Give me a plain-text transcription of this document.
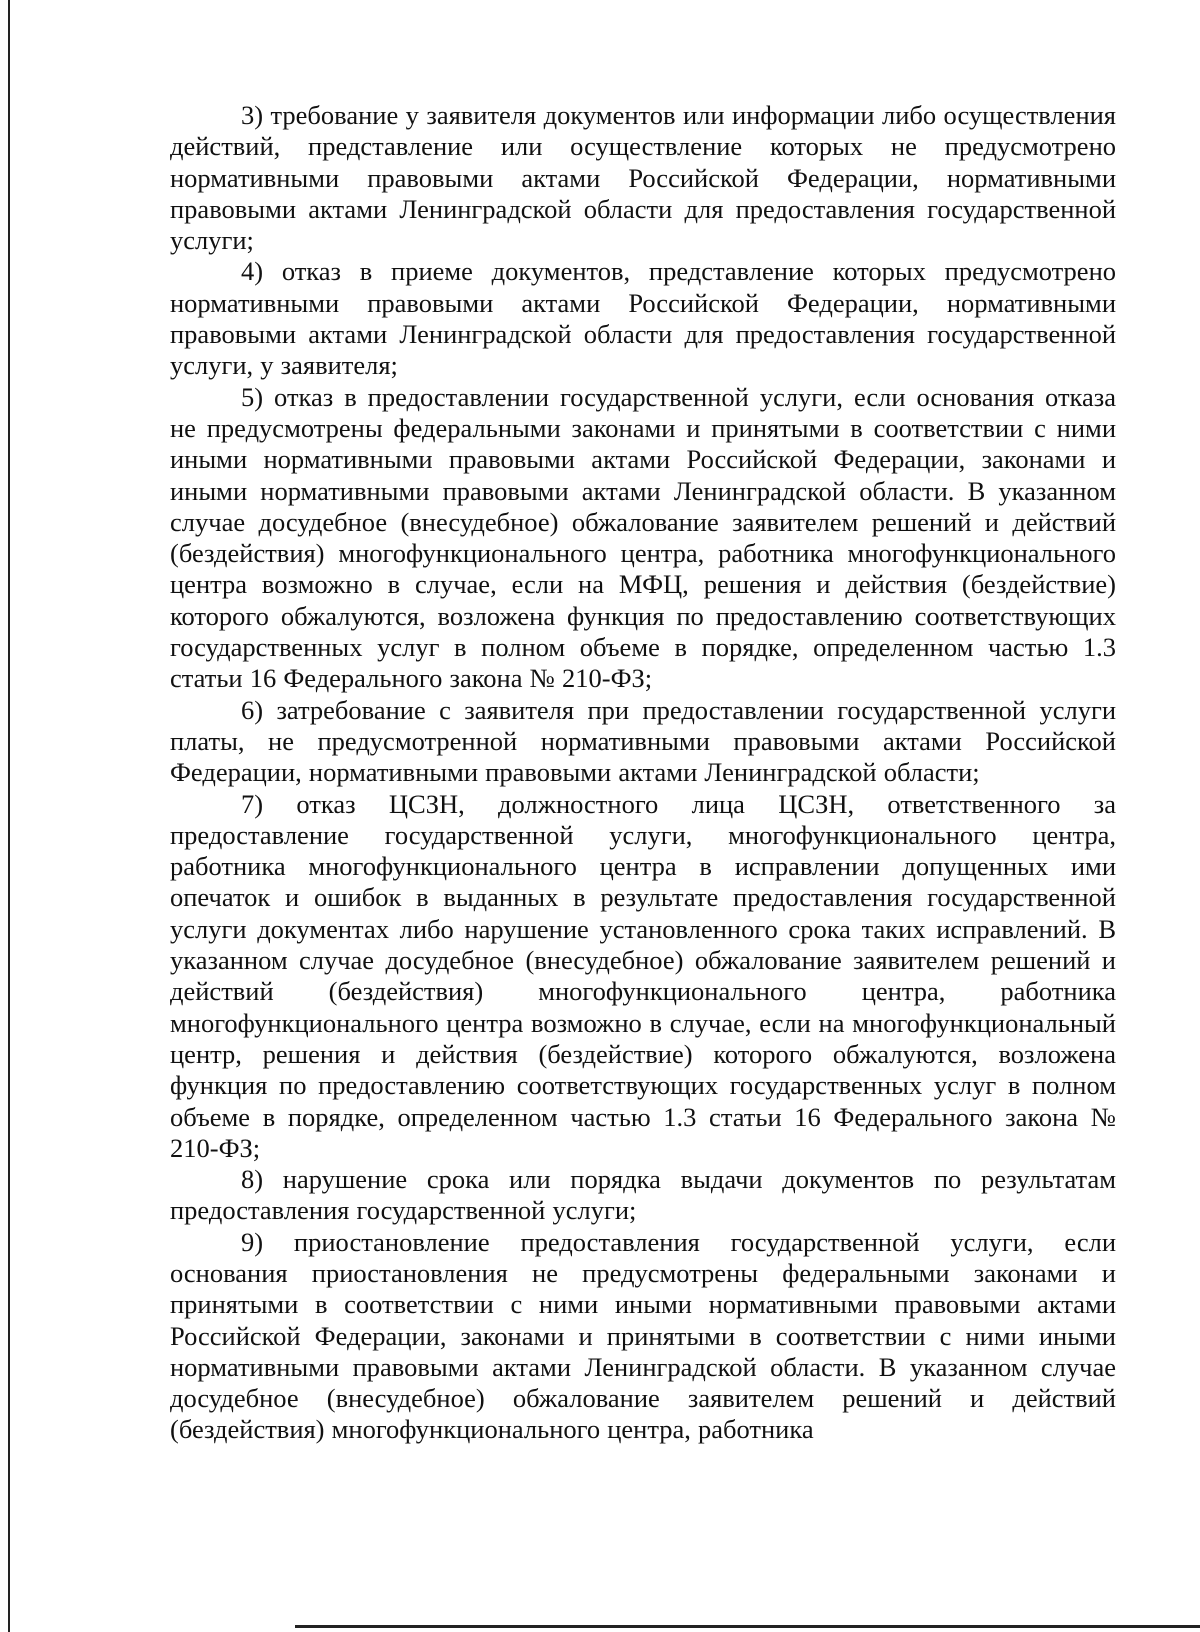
3) требование у заявителя документов или информации либо осуществления действий, представление или осуществление которых не предусмотрено нормативными правовыми актами Российской Федерации, нормативными правовыми актами Ленинградской области для предоставления государственной услуги;

4) отказ в приеме документов, представление которых предусмотрено нормативными правовыми актами Российской Федерации, нормативными правовыми актами Ленинградской области для предоставления государственной услуги, у заявителя;

5) отказ в предоставлении государственной услуги, если основания отказа не предусмотрены федеральными законами и принятыми в соответствии с ними иными нормативными правовыми актами Российской Федерации, законами и иными нормативными правовыми актами Ленинградской области. В указанном случае досудебное (внесудебное) обжалование заявителем решений и действий (бездействия) многофункционального центра, работника многофункционального центра возможно в случае, если на МФЦ, решения и действия (бездействие) которого обжалуются, возложена функция по предоставлению соответствующих государственных услуг в полном объеме в порядке, определенном частью 1.3 статьи 16 Федерального закона № 210-ФЗ;

6) затребование с заявителя при предоставлении государственной услуги платы, не предусмотренной нормативными правовыми актами Российской Федерации, нормативными правовыми актами Ленинградской области;

7) отказ ЦСЗН, должностного лица ЦСЗН, ответственного за предоставление государственной услуги, многофункционального центра, работника многофункционального центра в исправлении допущенных ими опечаток и ошибок в выданных в результате предоставления государственной услуги документах либо нарушение установленного срока таких исправлений. В указанном случае досудебное (внесудебное) обжалование заявителем решений и действий (бездействия) многофункционального центра, работника многофункционального центра возможно в случае, если на многофункциональный центр, решения и действия (бездействие) которого обжалуются, возложена функция по предоставлению соответствующих государственных услуг в полном объеме в порядке, определенном частью 1.3 статьи 16 Федерального закона № 210-ФЗ;

8) нарушение срока или порядка выдачи документов по результатам предоставления государственной услуги;

9) приостановление предоставления государственной услуги, если основания приостановления не предусмотрены федеральными законами и принятыми в соответствии с ними иными нормативными правовыми актами Российской Федерации, законами и принятыми в соответствии с ними иными нормативными правовыми актами Ленинградской области. В указанном случае досудебное (внесудебное) обжалование заявителем решений и действий (бездействия) многофункционального центра, работника
